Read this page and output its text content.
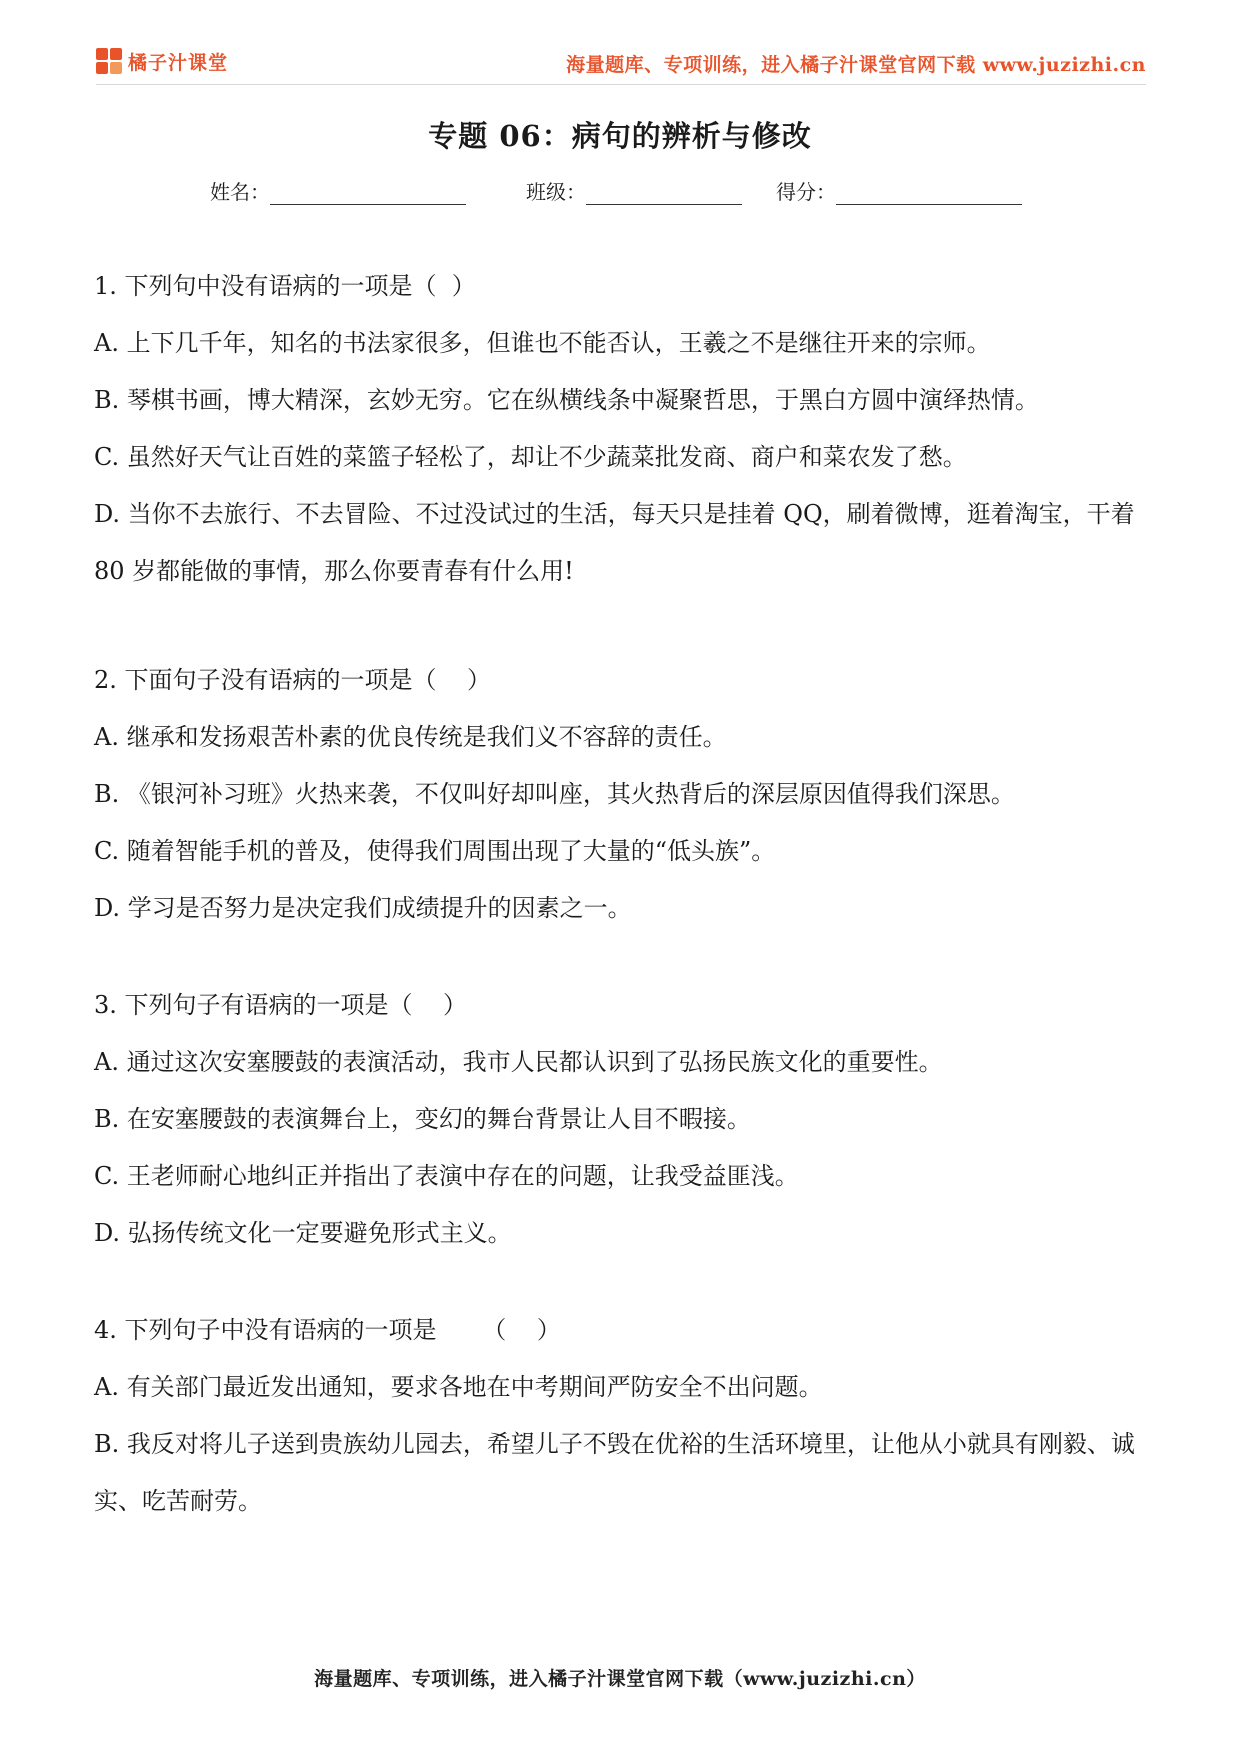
橘子汁课堂	海量题库、专项训练，进入橘子汁课堂官网下载 www.juzizhi.cn
专题 06：病句的辨析与修改
姓名：	班级：	得分：

1. 下列句中没有语病的一项是（  ）

A. 上下几千年，知名的书法家很多，但谁也不能否认，王羲之不是继往开来的宗师。

B. 琴棋书画，博大精深，玄妙无穷。它在纵横线条中凝聚哲思，于黑白方圆中演绎热情。

C. 虽然好天气让百姓的菜篮子轻松了，却让不少蔬菜批发商、商户和菜农发了愁。

D. 当你不去旅行、不去冒险、不过没试过的生活，每天只是挂着 QQ，刷着微博，逛着淘宝，干着 80 岁都能做的事情，那么你要青春有什么用!

2. 下面句子没有语病的一项是（    ）

A. 继承和发扬艰苦朴素的优良传统是我们义不容辞的责任。

B. 《银河补习班》火热来袭，不仅叫好却叫座，其火热背后的深层原因值得我们深思。

C. 随着智能手机的普及，使得我们周围出现了大量的“低头族”。

D. 学习是否努力是决定我们成绩提升的因素之一。

3. 下列句子有语病的一项是（    ）

A. 通过这次安塞腰鼓的表演活动，我市人民都认识到了弘扬民族文化的重要性。

B. 在安塞腰鼓的表演舞台上，变幻的舞台背景让人目不暇接。

C. 王老师耐心地纠正并指出了表演中存在的问题，让我受益匪浅。

D. 弘扬传统文化一定要避免形式主义。

4. 下列句子中没有语病的一项是      （    ）

A. 有关部门最近发出通知，要求各地在中考期间严防安全不出问题。

B. 我反对将儿子送到贵族幼儿园去，希望儿子不毁在优裕的生活环境里，让他从小就具有刚毅、诚实、吃苦耐劳。

海量题库、专项训练，进入橘子汁课堂官网下载（www.juzizhi.cn）
